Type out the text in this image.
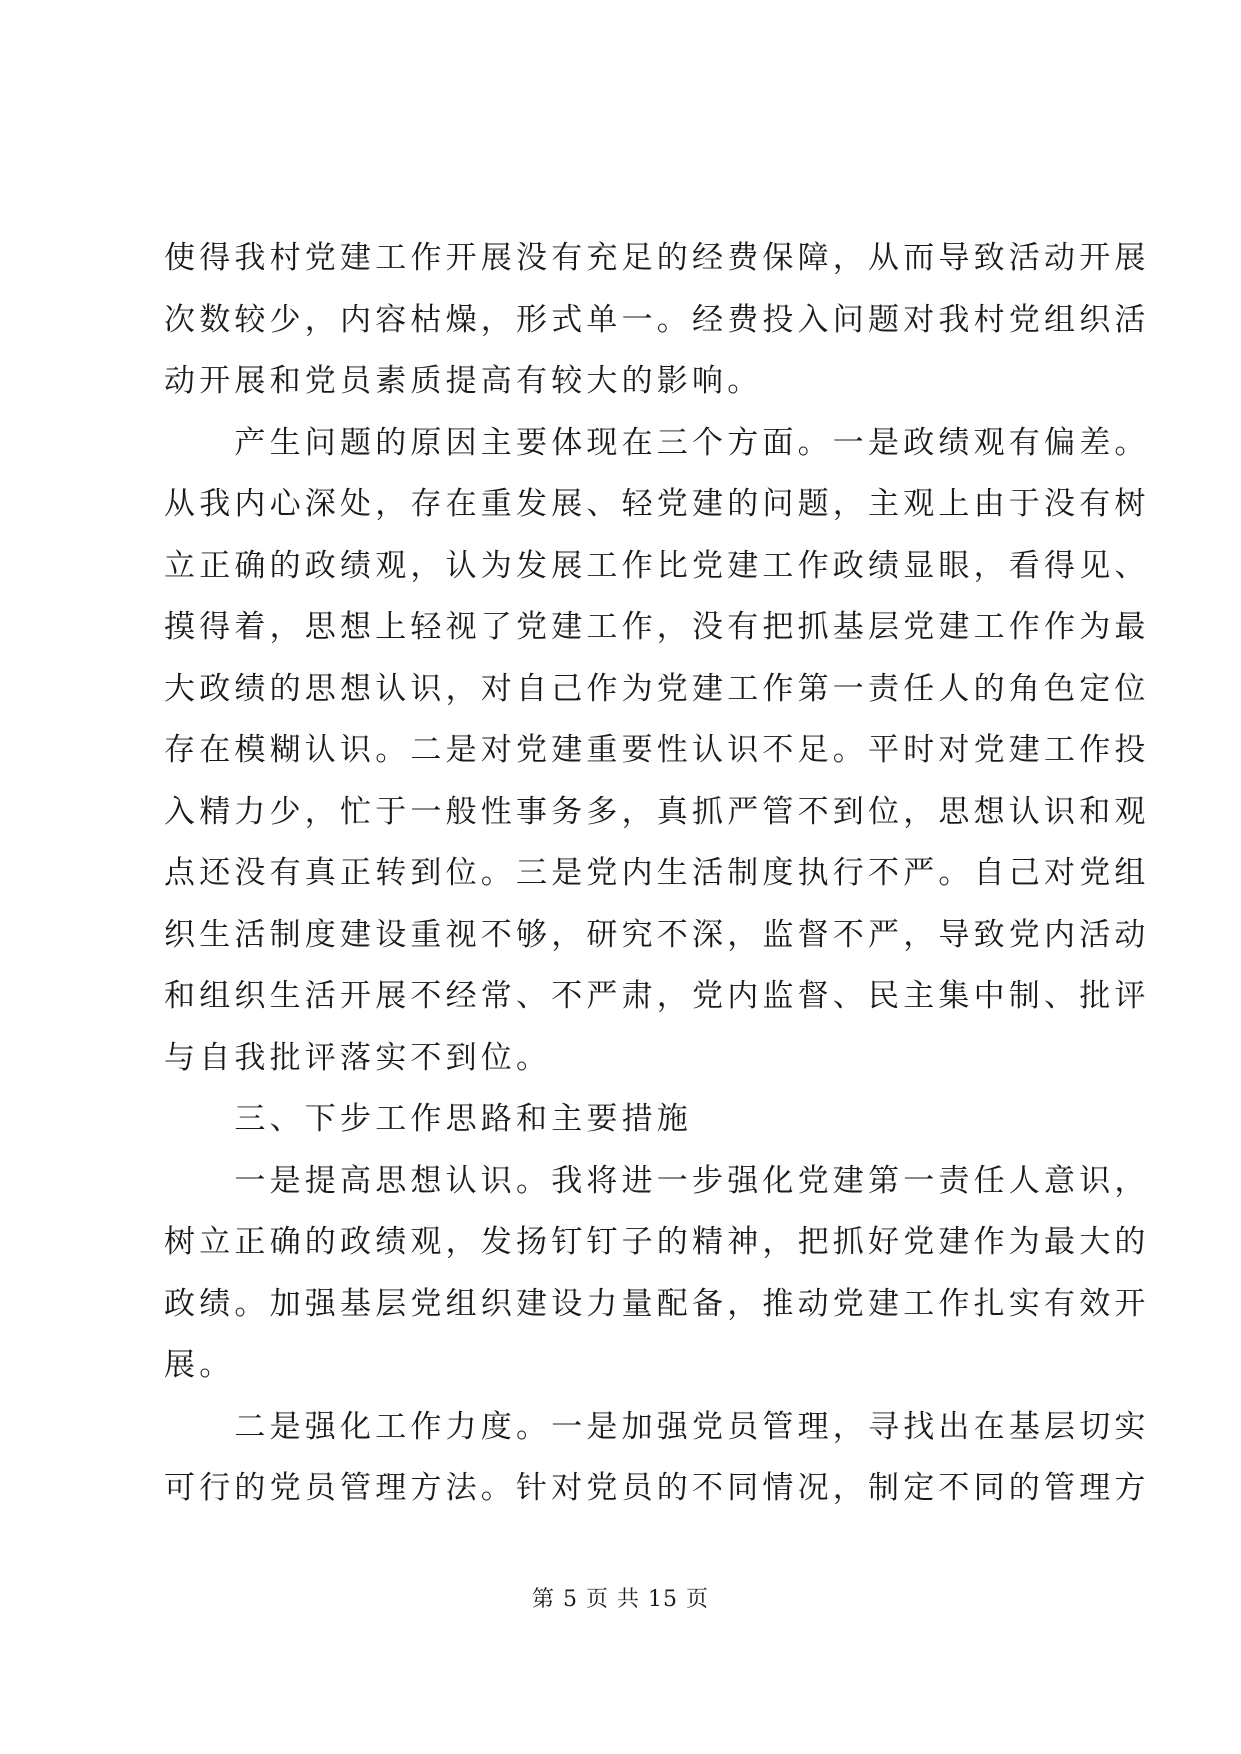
使得我村党建工作开展没有充足的经费保障，从而导致活动开展
次数较少，内容枯燥，形式单一。经费投入问题对我村党组织活
动开展和党员素质提高有较大的影响。
　　产生问题的原因主要体现在三个方面。一是政绩观有偏差。
从我内心深处，存在重发展、轻党建的问题，主观上由于没有树
立正确的政绩观，认为发展工作比党建工作政绩显眼，看得见、
摸得着，思想上轻视了党建工作，没有把抓基层党建工作作为最
大政绩的思想认识，对自己作为党建工作第一责任人的角色定位
存在模糊认识。二是对党建重要性认识不足。平时对党建工作投
入精力少，忙于一般性事务多，真抓严管不到位，思想认识和观
点还没有真正转到位。三是党内生活制度执行不严。自己对党组
织生活制度建设重视不够，研究不深，监督不严，导致党内活动
和组织生活开展不经常、不严肃，党内监督、民主集中制、批评
与自我批评落实不到位。
　　三、下步工作思路和主要措施
　　一是提高思想认识。我将进一步强化党建第一责任人意识，
树立正确的政绩观，发扬钉钉子的精神，把抓好党建作为最大的
政绩。加强基层党组织建设力量配备，推动党建工作扎实有效开
展。
　　二是强化工作力度。一是加强党员管理，寻找出在基层切实
可行的党员管理方法。针对党员的不同情况，制定不同的管理方
第 5 页 共 15 页
